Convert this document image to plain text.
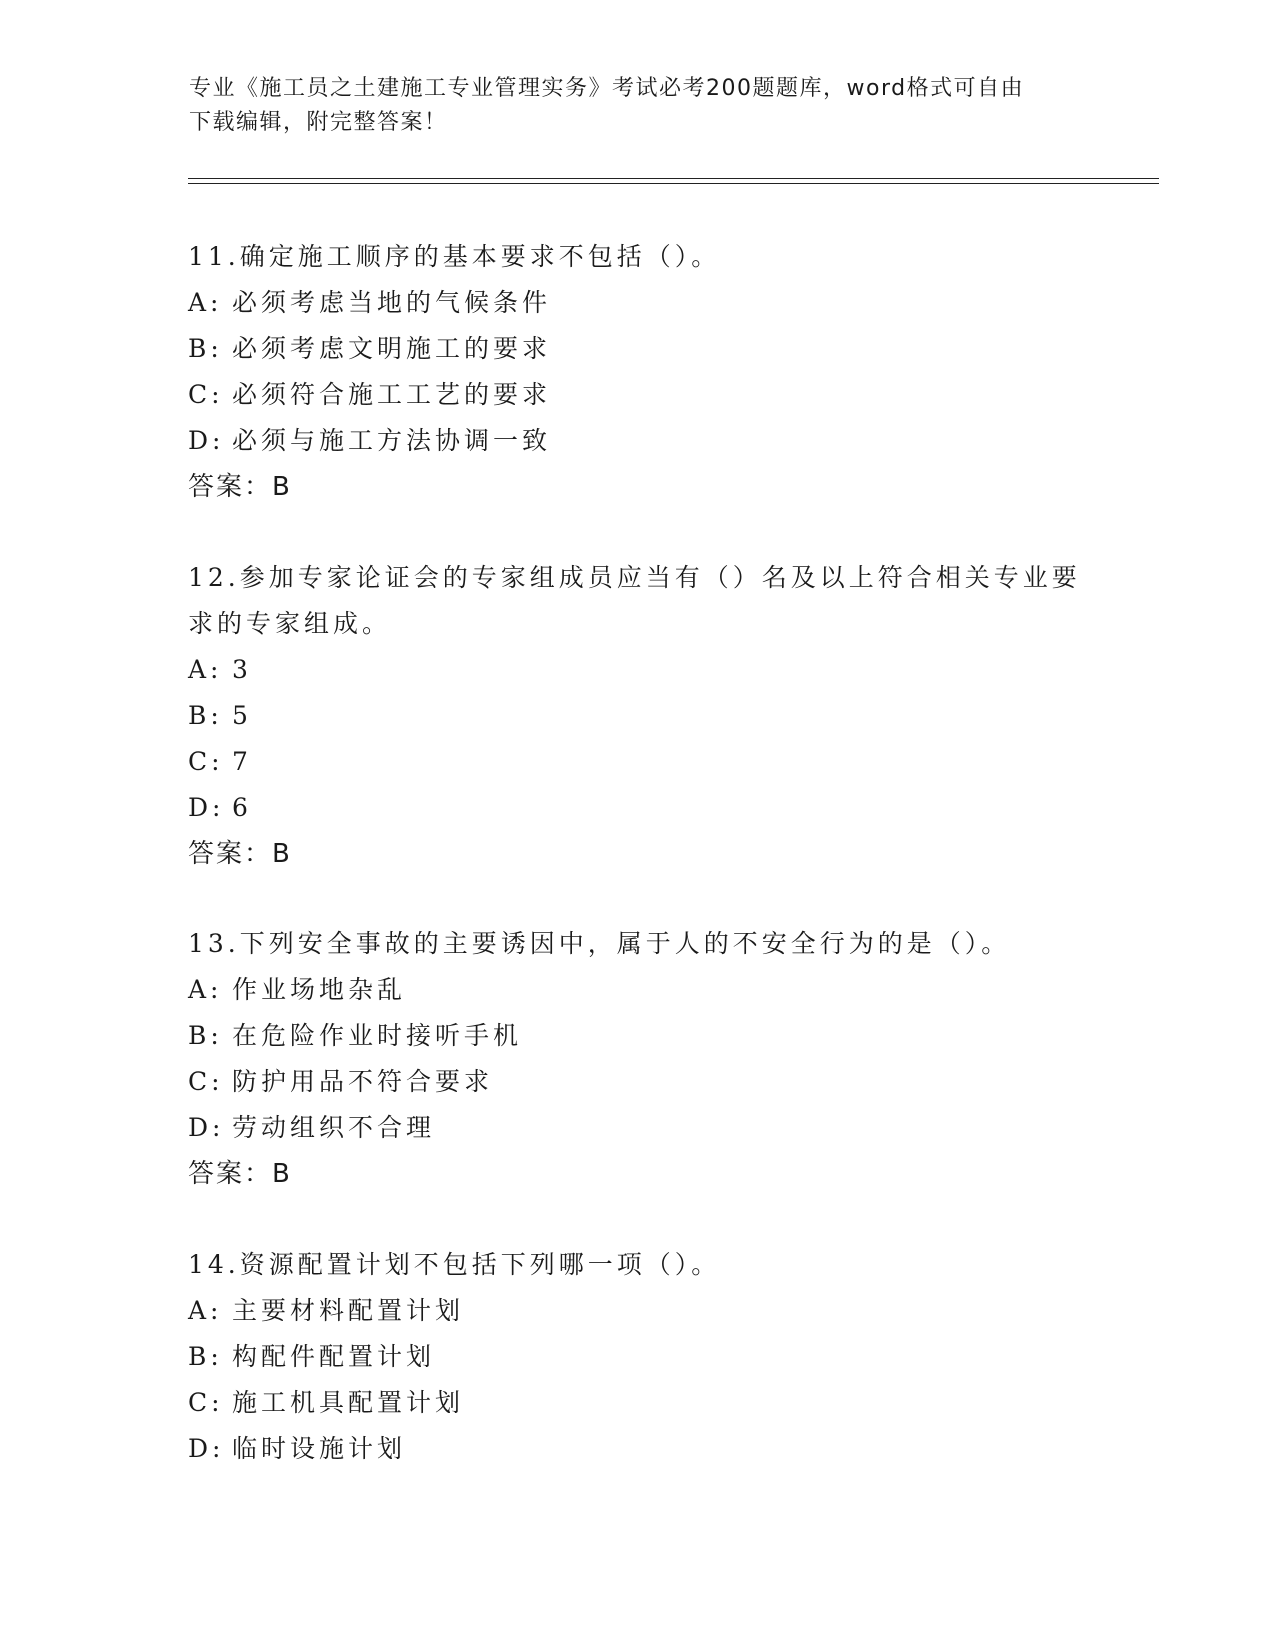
专业《施工员之土建施工专业管理实务》考试必考200题题库，word格式可自由
下载编辑，附完整答案！

11.确定施工顺序的基本要求不包括（）。

A: 必须考虑当地的气候条件

B: 必须考虑文明施工的要求

C: 必须符合施工工艺的要求

D: 必须与施工方法协调一致

答案：B

12.参加专家论证会的专家组成员应当有（）名及以上符合相关专业要求的专家组成。

A: 3

B: 5

C: 7

D: 6

答案：B

13.下列安全事故的主要诱因中，属于人的不安全行为的是（）。

A: 作业场地杂乱

B: 在危险作业时接听手机

C: 防护用品不符合要求

D: 劳动组织不合理

答案：B

14.资源配置计划不包括下列哪一项（）。

A: 主要材料配置计划

B: 构配件配置计划

C: 施工机具配置计划

D: 临时设施计划
